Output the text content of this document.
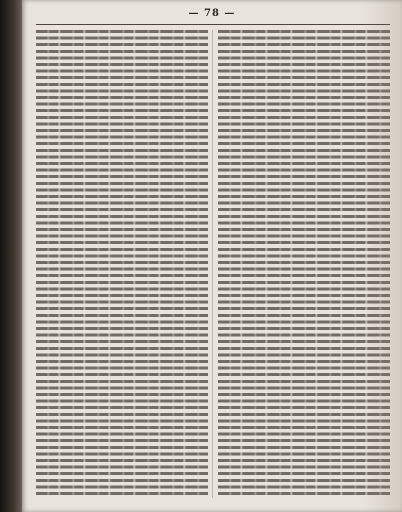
— 78 —
